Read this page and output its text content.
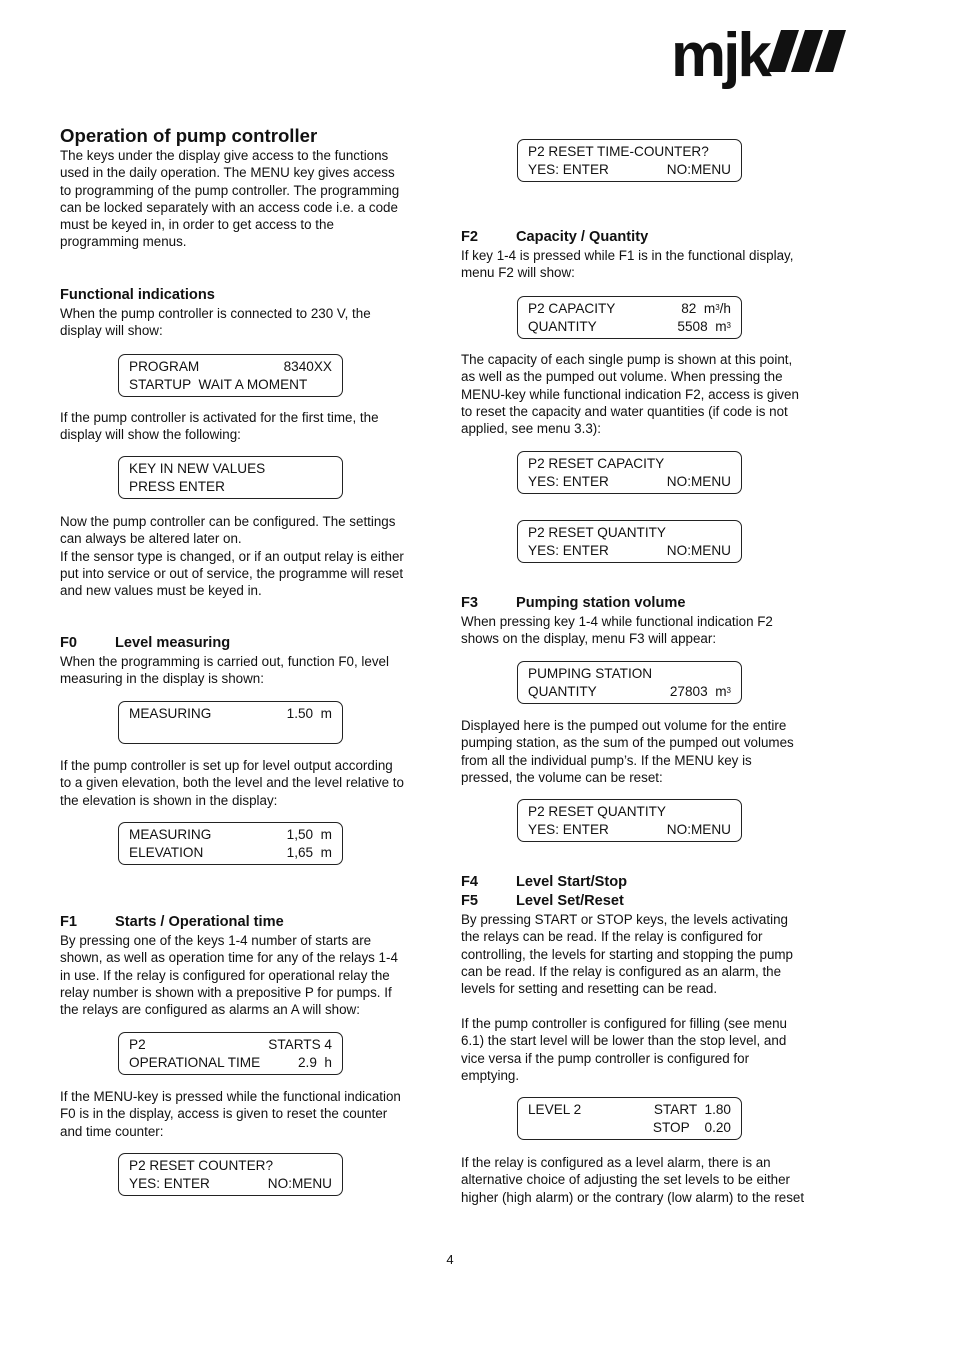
mjk
Operation of pump controller
The keys under the display give access to the functions
used in the daily operation. The MENU key gives access
to programming of the pump controller. The programming
can be locked separately with an access code i.e. a code
must be keyed in, in order to get access to the
programming menus.
Functional indications
When the pump controller is connected to 230 V, the
display will show:
PROGRAM	8340XX
STARTUP  WAIT A MOMENT
If the pump controller is activated for the first time, the
display will show the following:
KEY IN NEW VALUES
PRESS ENTER
Now the pump controller can be configured. The settings
can always be altered later on.
If the sensor type is changed, or if an output relay is either
put into service or out of service, the programme will reset
and new values must be keyed in.
F0	Level measuring
When the programming is carried out, function F0, level
measuring in the display is shown:
MEASURING	1.50  m
If the pump controller is set up for level output according
to a given elevation, both the level and the level relative to
the elevation is shown in the display:
MEASURING	1,50  m
ELEVATION	1,65  m
F1	Starts / Operational time
By pressing one of the keys 1-4 number of starts are
shown, as well as operation time for any of the relays 1-4
in use. If the relay is configured for operational relay the
relay number is shown with a prepositive P for pumps. If
the relays are configured as alarms an A will show:
P2	STARTS 4
OPERATIONAL TIME	2.9  h
If the MENU-key is pressed while the functional indication
F0 is in the display, access is given to reset the counter
and time counter:
P2 RESET COUNTER?
YES: ENTER	NO:MENU
P2 RESET TIME-COUNTER?
YES: ENTER	NO:MENU
F2	Capacity / Quantity
If key 1-4 is pressed while F1 is in the functional display,
menu F2 will show:
P2 CAPACITY	82  $m^3/h$
QUANTITY	5508  $m^3$
The capacity of each single pump is shown at this point,
as well as the pumped out volume. When pressing the
MENU-key while functional indication F2, access is given
to reset the capacity and water quantities (if code is not
applied, see menu 3.3):
P2 RESET CAPACITY
YES: ENTER	NO:MENU
P2 RESET QUANTITY
YES: ENTER	NO:MENU
F3	Pumping station volume
When pressing key 1-4 while functional indication F2
shows on the display, menu F3 will appear:
PUMPING STATION
QUANTITY	27803  $m^3$
Displayed here is the pumped out volume for the entire
pumping station, as the sum of the pumped out volumes
from all the individual pump’s. If the MENU key is
pressed, the volume can be reset:
P2 RESET QUANTITY
YES: ENTER	NO:MENU
F4	Level Start/Stop
F5	Level Set/Reset
By pressing START or STOP keys, the levels activating
the relays can be read. If the relay is configured for
controlling, the levels for starting and stopping the pump
can be read. If the relay is configured as an alarm, the
levels for setting and resetting can be read.
If the pump controller is configured for filling (see menu
6.1) the start level will be lower than the stop level, and
vice versa if the pump controller is configured for
emptying.
LEVEL 2	START  1.80
STOP    0.20
If the relay is configured as a level alarm, there is an
alternative choice of adjusting the set levels to be either
higher (high alarm) or the contrary (low alarm) to the reset
4
